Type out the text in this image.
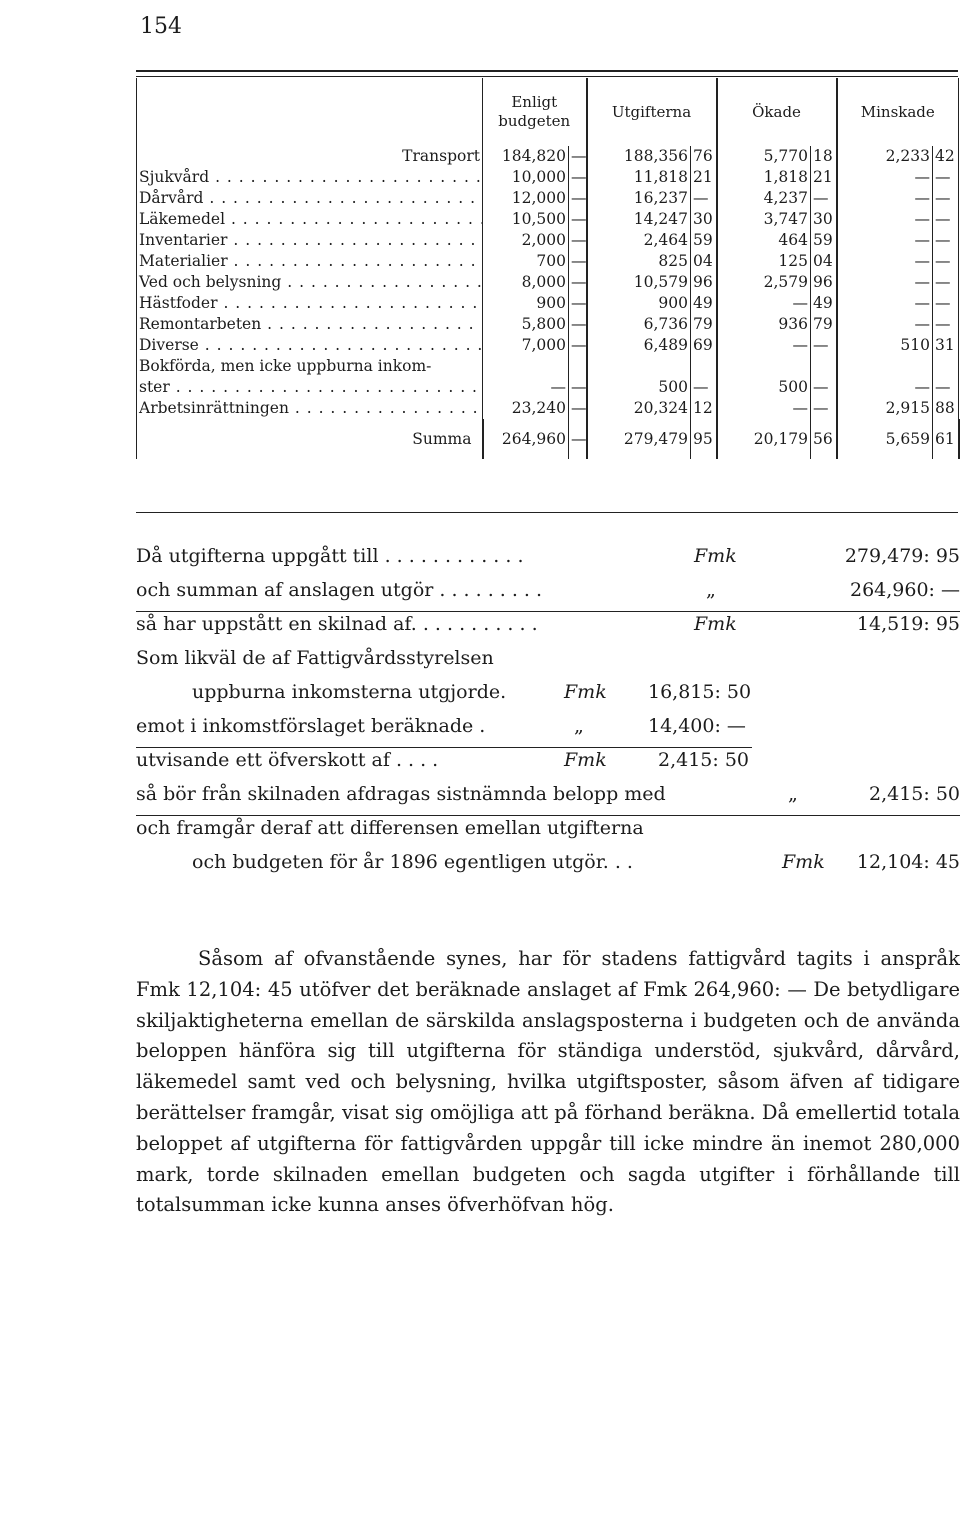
154
	Enligt
budgeten		Utgifterna		Ökade		Minskade	
Transport	184,820	—	188,356	76	5,770	18	2,233	42
Sjukvård . . .	10,000	—	11,818	21	1,818	21	—	—
Dårvård . . .	12,000	—	16,237	—	4,237	—	—	—
Läkemedel . . .	10,500	—	14,247	30	3,747	30	—	—
Inventarier . . .	2,000	—	2,464	59	464	59	—	—
Materialier . . .	700	—	825	04	125	04	—	—
Ved och belysning . . .	8,000	—	10,579	96	2,579	96	—	—
Hästfoder . . .	900	—	900	49	—	49	—	—
Remontarbeten . . .	5,800	—	6,736	79	936	79	—	—
Diverse . . .	7,000	—	6,489	69	—	—	510	31
Bokförda, men icke uppburna inkom-								
ster . . .	—	—	500	—	500	—	—	—
Arbetsinrättningen . . .	23,240	—	20,324	12	—	—	2,915	88
Summa	264,960	—	279,479	95	20,179	56	5,659	61
Då utgifterna uppgått till . . . . . . . . . . . .	Fmk	279,479: 95
och summan af anslagen utgör . . . . . . . . .	„	264,960: —
så har uppstått en skilnad af. . . . . . . . . . .	Fmk	14,519: 95
Som likväl de af Fattigvårdsstyrelsen
uppburna inkomsterna utgjorde.	Fmk 16,815: 50
emot i inkomstförslaget beräknade .	„	14,400: —
utvisande ett öfverskott af . . . .	Fmk	2,415: 50
så bör från skilnaden afdragas sistnämnda belopp med	„	2,415: 50
och framgår deraf att differensen emellan utgifterna
och budgeten för år 1896 egentligen utgör. . .	Fmk 12,104: 45

Såsom af ofvanstående synes, har för stadens fattigvård tagits i anspråk Fmk 12,104: 45 utöfver det beräknade anslaget af Fmk 264,960: — De betydligare skiljaktigheterna emellan de särskilda anslagsposterna i budgeten och de använda beloppen hänföra sig till utgifterna för ständiga understöd, sjukvård, dårvård, läkemedel samt ved och belysning, hvilka utgiftsposter, såsom äfven af tidigare berättelser framgår, visat sig omöjliga att på förhand beräkna. Då emellertid totala beloppet af utgifterna för fattigvården uppgår till icke mindre än inemot 280,000 mark, torde skilnaden emellan budgeten och sagda utgifter i förhållande till totalsumman icke kunna anses öfverhöfvan hög.
